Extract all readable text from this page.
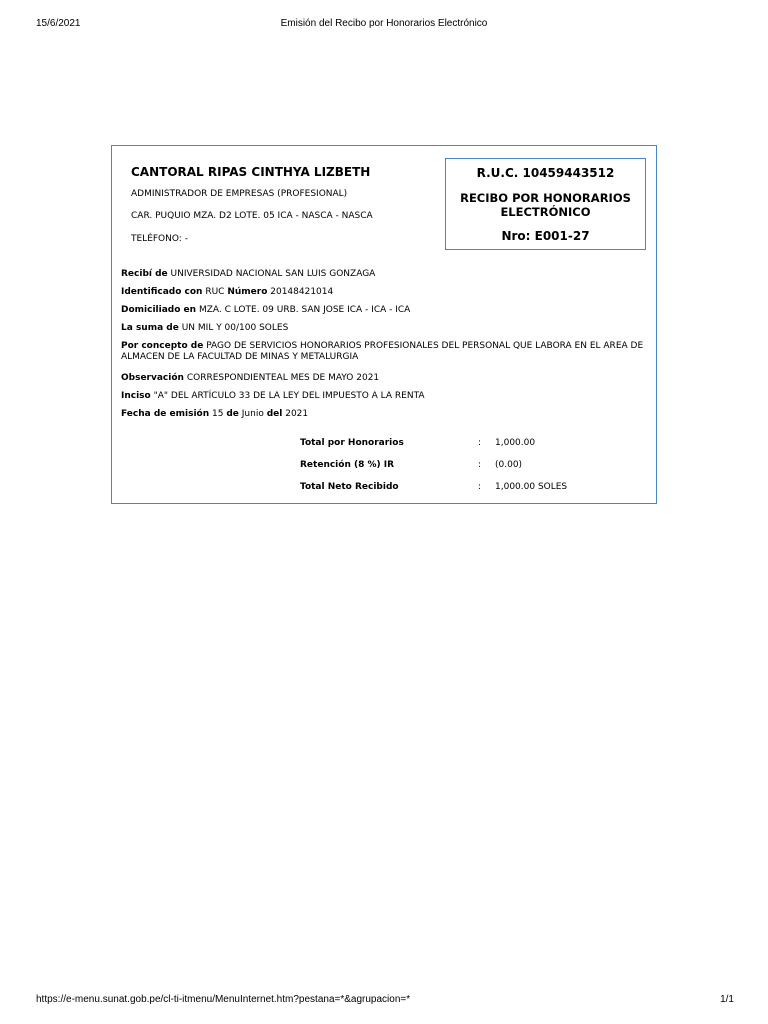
15/6/2021	Emisión del Recibo por Honorarios Electrónico
CANTORAL RIPAS CINTHYA LIZBETH
ADMINISTRADOR DE EMPRESAS (PROFESIONAL)
CAR. PUQUIO MZA. D2 LOTE. 05 ICA - NASCA - NASCA
TELÉFONO: -
R.U.C. 10459443512
RECIBO POR HONORARIOS
ELECTRÓNICO
Nro: E001-27
Recibí de UNIVERSIDAD NACIONAL SAN LUIS GONZAGA
Identificado con RUC Número 20148421014
Domiciliado en MZA. C LOTE. 09 URB. SAN JOSE ICA - ICA - ICA
La suma de UN MIL Y 00/100 SOLES
Por concepto de PAGO DE SERVICIOS HONORARIOS PROFESIONALES DEL PERSONAL QUE LABORA EN EL AREA DE ALMACEN DE LA FACULTAD DE MINAS Y METALURGIA
Observación CORRESPONDIENTEAL MES DE MAYO 2021
Inciso "A" DEL ARTÍCULO 33 DE LA LEY DEL IMPUESTO A LA RENTA
Fecha de emisión 15 de Junio del 2021
Total por Honorarios	: 1,000.00
Retención (8 %) IR	: (0.00)
Total Neto Recibido	: 1,000.00 SOLES
https://e-menu.sunat.gob.pe/cl-ti-itmenu/MenuInternet.htm?pestana=*&agrupacion=*	1/1
